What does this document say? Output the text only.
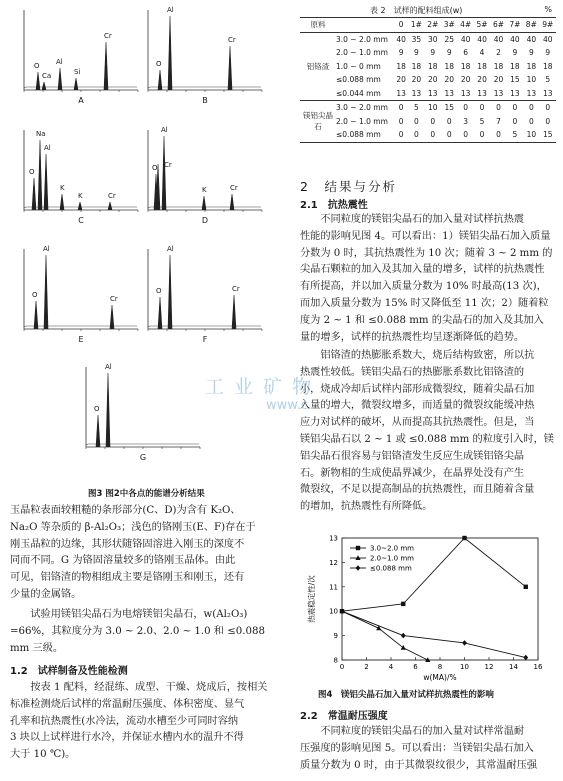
O
Ca
Al
Si
Cr
A
Al
O
Cr
B
Na
Al
O
K
K	Cr
C
Al
O Cr
K	Cr
D
Al
O	Cr
E
Al
O	Cr
F
Al
O
G
图3 图2中各点的能谱分析结果
玉晶粒表面较粗糙的条形部分(C、D)为含有 K₂O、
Na₂O 等杂质的 β-Al₂O₃；浅色的铬刚玉(E、F)存在于
刚玉晶粒的边缘，其形状随铬固溶进入刚玉的深度不
同而不同。G 为铬固溶量较多的铬刚玉晶体。由此
可见，铝铬渣的物相组成主要是铬刚玉和刚玉，还有
少量的金属铬。
　　试验用镁铝尖晶石为电熔镁铝尖晶石，w(Al₂O₃)
=66%，其粒度分为 3.0 ~ 2.0、2.0 ~ 1.0 和 ≤0.088
mm 三级。
1.2　试样制备及性能检测
　　按表 1 配料，经混练、成型、干燥、烧成后，按相关
标准检测烧后试样的常温耐压强度、体积密度、显气
孔率和抗热震性(水冷法，流动水槽至少可同时容纳
3 块以上试样进行水冷，并保证水槽内水的温升不得
大于 10 ℃)。
表 2　试样的配料组成(w)	%
原料		0	1#	2#	3#	4#	5#	6#	7#	8#	9#
铝铬渣	3.0 ~ 2.0 mm	40	35	30	25	40	40	40	40	40	40
	2.0 ~ 1.0 mm	9	9	9	9	6	4	2	9	9	9
	1.0 ~ 0 mm	18	18	18	18	18	18	18	18	18	18
	≤0.088 mm	20	20	20	20	20	20	20	15	10	5
	≤0.044 mm	13	13	13	13	13	13	13	13	13	13
镁铝尖晶石	3.0 ~ 2.0 mm	0	5	10	15	0	0	0	0	0	0
	2.0 ~ 1.0 mm	0	0	0	0	3	5	7	0	0	0
	≤0.088 mm	0	0	0	0	0	0	0	5	10	15
2　结果与分析
2.1　抗热震性
　　不同粒度的镁铝尖晶石的加入量对试样抗热震
性能的影响见图 4。可以看出：1）镁铝尖晶石加入质量
分数为 0 时，其抗热震性为 10 次；随着 3 ~ 2 mm 的
尖晶石颗粒的加入及其加入量的增多，试样的抗热震性
有所提高，并以加入质量分数为 10% 时最高(13 次)，
而加入质量分数为 15% 时又降低至 11 次；2）随着粒
度为 2 ~ 1 和 ≤0.088 mm 的尖晶石的加入及其加入
量的增多，试样的抗热震性均呈逐渐降低的趋势。
　　铝铬渣的热膨胀系数大，烧后结构致密，所以抗
热震性较低。镁铝尖晶石的热膨胀系数比铝铬渣的
小，烧成冷却后试样内部形成微裂纹，随着尖晶石加
入量的增大，微裂纹增多，而适量的微裂纹能缓冲热
应力对试样的破坏，从而提高其抗热震性。但是，当
镁铝尖晶石以 2 ~ 1 或 ≤0.088 mm 的粒度引入时，镁
铝尖晶石很容易与铝铬渣发生反应生成镁铝铬尖晶
石。新物相的生成使晶界减少，在晶界处没有产生
微裂纹，不足以提高制品的抗热震性，而且随着含量
的增加，抗热震性有所降低。
0	2	4	6	8	10 12 14 16
8
9
10
11
12
13
w(MA)/%
热震稳定性/次
3.0~2.0 mm
2.0~1.0 mm
≤0.088 mm
图4　镁铝尖晶石加入量对试样抗热震性的影响
2.2　常温耐压强度
　　不同粒度的镁铝尖晶石的加入量对试样常温耐
压强度的影响见图 5。可以看出：当镁铝尖晶石加入
质量分数为 0 时，由于其微裂纹很少，其常温耐压强
工 业 矿 物
www.c
